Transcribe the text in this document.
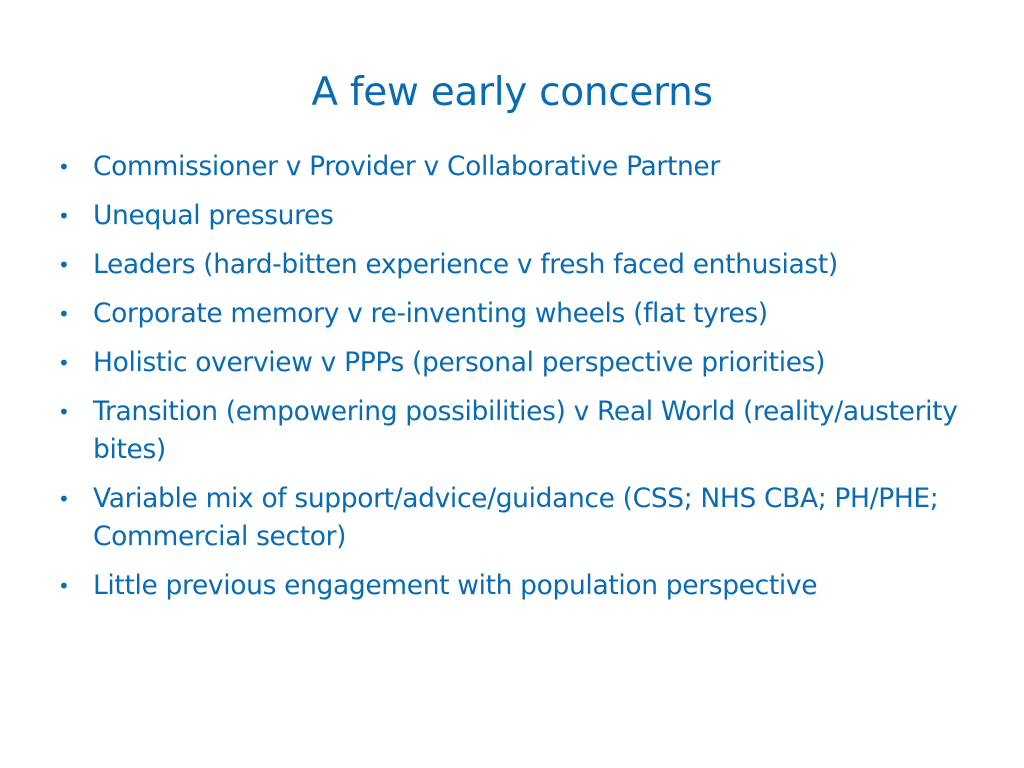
A few early concerns
• Commissioner v Provider v Collaborative Partner
• Unequal pressures
• Leaders (hard-bitten experience v fresh faced enthusiast)
• Corporate memory v re-inventing wheels (flat tyres)
• Holistic overview v PPPs (personal perspective priorities)
• Transition (empowering possibilities) v Real World (reality/austerity bites)
• Variable mix of support/advice/guidance (CSS; NHS CBA; PH/PHE; Commercial sector)
• Little previous engagement with population perspective
